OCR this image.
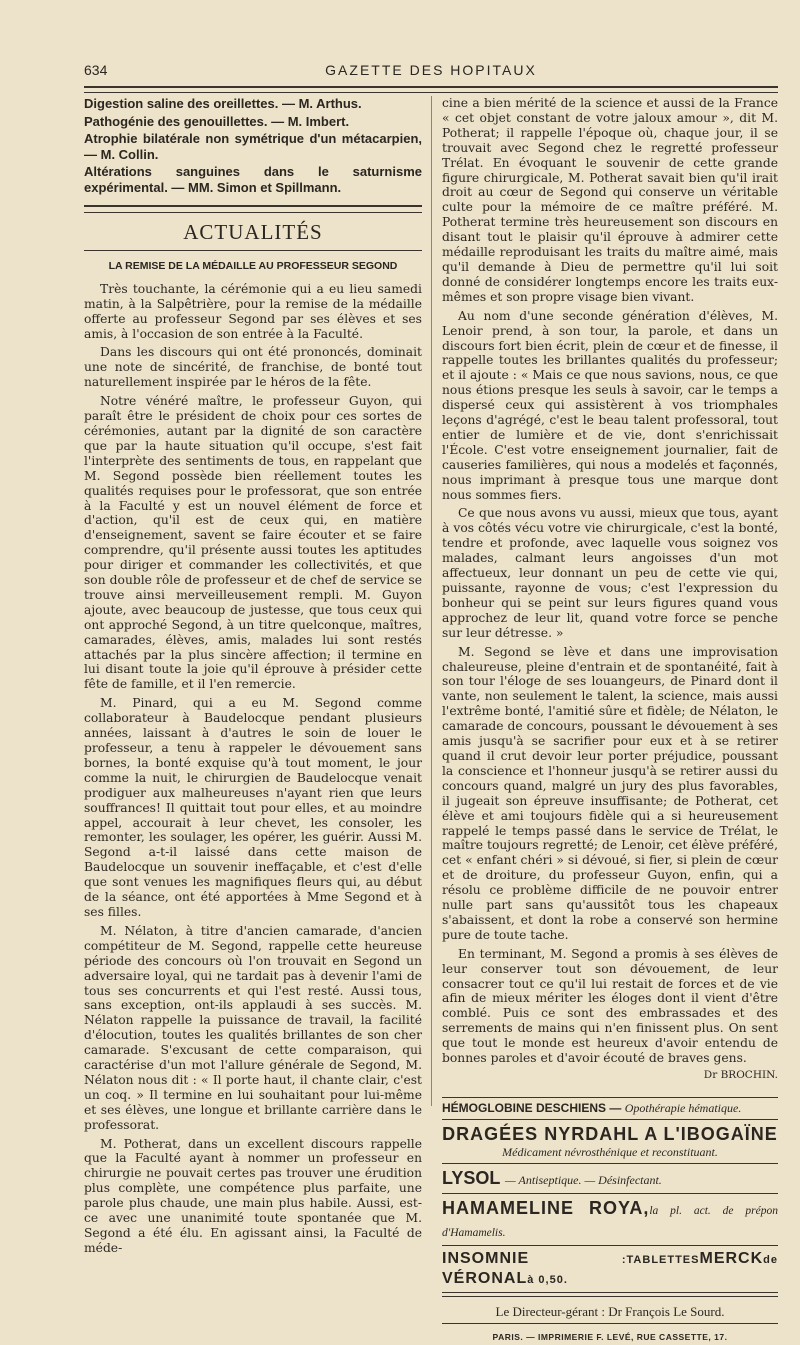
634	GAZETTE DES HOPITAUX

Digestion saline des oreillettes. — M. Arthus.

Pathogénie des genouillettes. — M. Imbert.

Atrophie bilatérale non symétrique d'un métacarpien, — M. Collin.

Altérations sanguines dans le saturnisme expérimental. — MM. Simon et Spillmann.

ACTUALITÉS
LA REMISE DE LA MÉDAILLE AU PROFESSEUR SEGOND

Très touchante, la cérémonie qui a eu lieu samedi matin, à la Salpêtrière, pour la remise de la médaille offerte au professeur Segond par ses élèves et ses amis, à l'occasion de son entrée à la Faculté.

Dans les discours qui ont été prononcés, dominait une note de sincérité, de franchise, de bonté tout naturellement inspirée par le héros de la fête.

Notre vénéré maître, le professeur Guyon, qui paraît être le président de choix pour ces sortes de cérémonies, autant par la dignité de son caractère que par la haute situation qu'il occupe, s'est fait l'interprète des sentiments de tous, en rappelant que M. Segond possède bien réellement toutes les qualités requises pour le professorat, que son entrée à la Faculté y est un nouvel élément de force et d'action, qu'il est de ceux qui, en matière d'enseignement, savent se faire écouter et se faire comprendre, qu'il présente aussi toutes les aptitudes pour diriger et commander les collectivités, et que son double rôle de professeur et de chef de service se trouve ainsi merveilleusement rempli. M. Guyon ajoute, avec beaucoup de justesse, que tous ceux qui ont approché Segond, à un titre quelconque, maîtres, camarades, élèves, amis, malades lui sont restés attachés par la plus sincère affection; il termine en lui disant toute la joie qu'il éprouve à présider cette fête de famille, et il l'en remercie.

M. Pinard, qui a eu M. Segond comme collaborateur à Baudelocque pendant plusieurs années, laissant à d'autres le soin de louer le professeur, a tenu à rappeler le dévouement sans bornes, la bonté exquise qu'à tout moment, le jour comme la nuit, le chirurgien de Baudelocque venait prodiguer aux malheureuses n'ayant rien que leurs souffrances! Il quittait tout pour elles, et au moindre appel, accourait à leur chevet, les consoler, les remonter, les soulager, les opérer, les guérir. Aussi M. Segond a-t-il laissé dans cette maison de Baudelocque un souvenir ineffaçable, et c'est d'elle que sont venues les magnifiques fleurs qui, au début de la séance, ont été apportées à Mme Segond et à ses filles.

M. Nélaton, à titre d'ancien camarade, d'ancien compétiteur de M. Segond, rappelle cette heureuse période des concours où l'on trouvait en Segond un adversaire loyal, qui ne tardait pas à devenir l'ami de tous ses concurrents et qui l'est resté. Aussi tous, sans exception, ont-ils applaudi à ses succès. M. Nélaton rappelle la puissance de travail, la facilité d'élocution, toutes les qualités brillantes de son cher camarade. S'excusant de cette comparaison, qui caractérise d'un mot l'allure générale de Segond, M. Nélaton nous dit : « Il porte haut, il chante clair, c'est un coq. » Il termine en lui souhaitant pour lui-même et ses élèves, une longue et brillante carrière dans le professorat.

M. Potherat, dans un excellent discours rappelle que la Faculté ayant à nommer un professeur en chirurgie ne pouvait certes pas trouver une érudition plus complète, une compétence plus parfaite, une parole plus chaude, une main plus habile. Aussi, est-ce avec une unanimité toute spontanée que M. Segond a été élu. En agissant ainsi, la Faculté de méde-

cine a bien mérité de la science et aussi de la France « cet objet constant de votre jaloux amour », dit M. Potherat; il rappelle l'époque où, chaque jour, il se trouvait avec Segond chez le regretté professeur Trélat. En évoquant le souvenir de cette grande figure chirurgicale, M. Potherat savait bien qu'il irait droit au cœur de Segond qui conserve un véritable culte pour la mémoire de ce maître préféré. M. Potherat termine très heureusement son discours en disant tout le plaisir qu'il éprouve à admirer cette médaille reproduisant les traits du maître aimé, mais qu'il demande à Dieu de permettre qu'il lui soit donné de considérer longtemps encore les traits eux-mêmes et son propre visage bien vivant.

Au nom d'une seconde génération d'élèves, M. Lenoir prend, à son tour, la parole, et dans un discours fort bien écrit, plein de cœur et de finesse, il rappelle toutes les brillantes qualités du professeur; et il ajoute : « Mais ce que nous savions, nous, ce que nous étions presque les seuls à savoir, car le temps a dispersé ceux qui assistèrent à vos triomphales leçons d'agrégé, c'est le beau talent professoral, tout entier de lumière et de vie, dont s'enrichissait l'École. C'est votre enseignement journalier, fait de causeries familières, qui nous a modelés et façonnés, nous imprimant à presque tous une marque dont nous sommes fiers.

Ce que nous avons vu aussi, mieux que tous, ayant à vos côtés vécu votre vie chirurgicale, c'est la bonté, tendre et profonde, avec laquelle vous soignez vos malades, calmant leurs angoisses d'un mot affectueux, leur donnant un peu de cette vie qui, puissante, rayonne de vous; c'est l'expression du bonheur qui se peint sur leurs figures quand vous approchez de leur lit, quand votre force se penche sur leur détresse. »

M. Segond se lève et dans une improvisation chaleureuse, pleine d'entrain et de spontanéité, fait à son tour l'éloge de ses louangeurs, de Pinard dont il vante, non seulement le talent, la science, mais aussi l'extrême bonté, l'amitié sûre et fidèle; de Nélaton, le camarade de concours, poussant le dévouement à ses amis jusqu'à se sacrifier pour eux et à se retirer quand il crut devoir leur porter préjudice, poussant la conscience et l'honneur jusqu'à se retirer aussi du concours quand, malgré un jury des plus favorables, il jugeait son épreuve insuffisante; de Potherat, cet élève et ami toujours fidèle qui a si heureusement rappelé le temps passé dans le service de Trélat, le maître toujours regretté; de Lenoir, cet élève préféré, cet « enfant chéri » si dévoué, si fier, si plein de cœur et de droiture, du professeur Guyon, enfin, qui a résolu ce problème difficile de ne pouvoir entrer nulle part sans qu'aussitôt tous les chapeaux s'abaissent, et dont la robe a conservé son hermine pure de toute tache.

En terminant, M. Segond a promis à ses élèves de leur conserver tout son dévouement, de leur consacrer tout ce qu'il lui restait de forces et de vie afin de mieux mériter les éloges dont il vient d'être comblé. Puis ce sont des embrassades et des serrements de mains qui n'en finissent plus. On sent que tout le monde est heureux d'avoir entendu de bonnes paroles et d'avoir écouté de braves gens.

Dr BROCHIN.

HÉMOGLOBINE DESCHIENS — Opothérapie hématique.

DRAGÉES NYRDAHL A L'IBOGAÏNE

Médicament névrosthénique et reconstituant.

LYSOL — Antiseptique. — Désinfectant.

HAMAMELINE ROYA,la pl. act. de prépon d'Hamamelis.

INSOMNIE	:TABLETTESMERCKde VÉRONALà 0,50.

Le Directeur-gérant : Dr François Le Sourd.
PARIS. — IMPRIMERIE F. LEVÉ, RUE CASSETTE, 17.
